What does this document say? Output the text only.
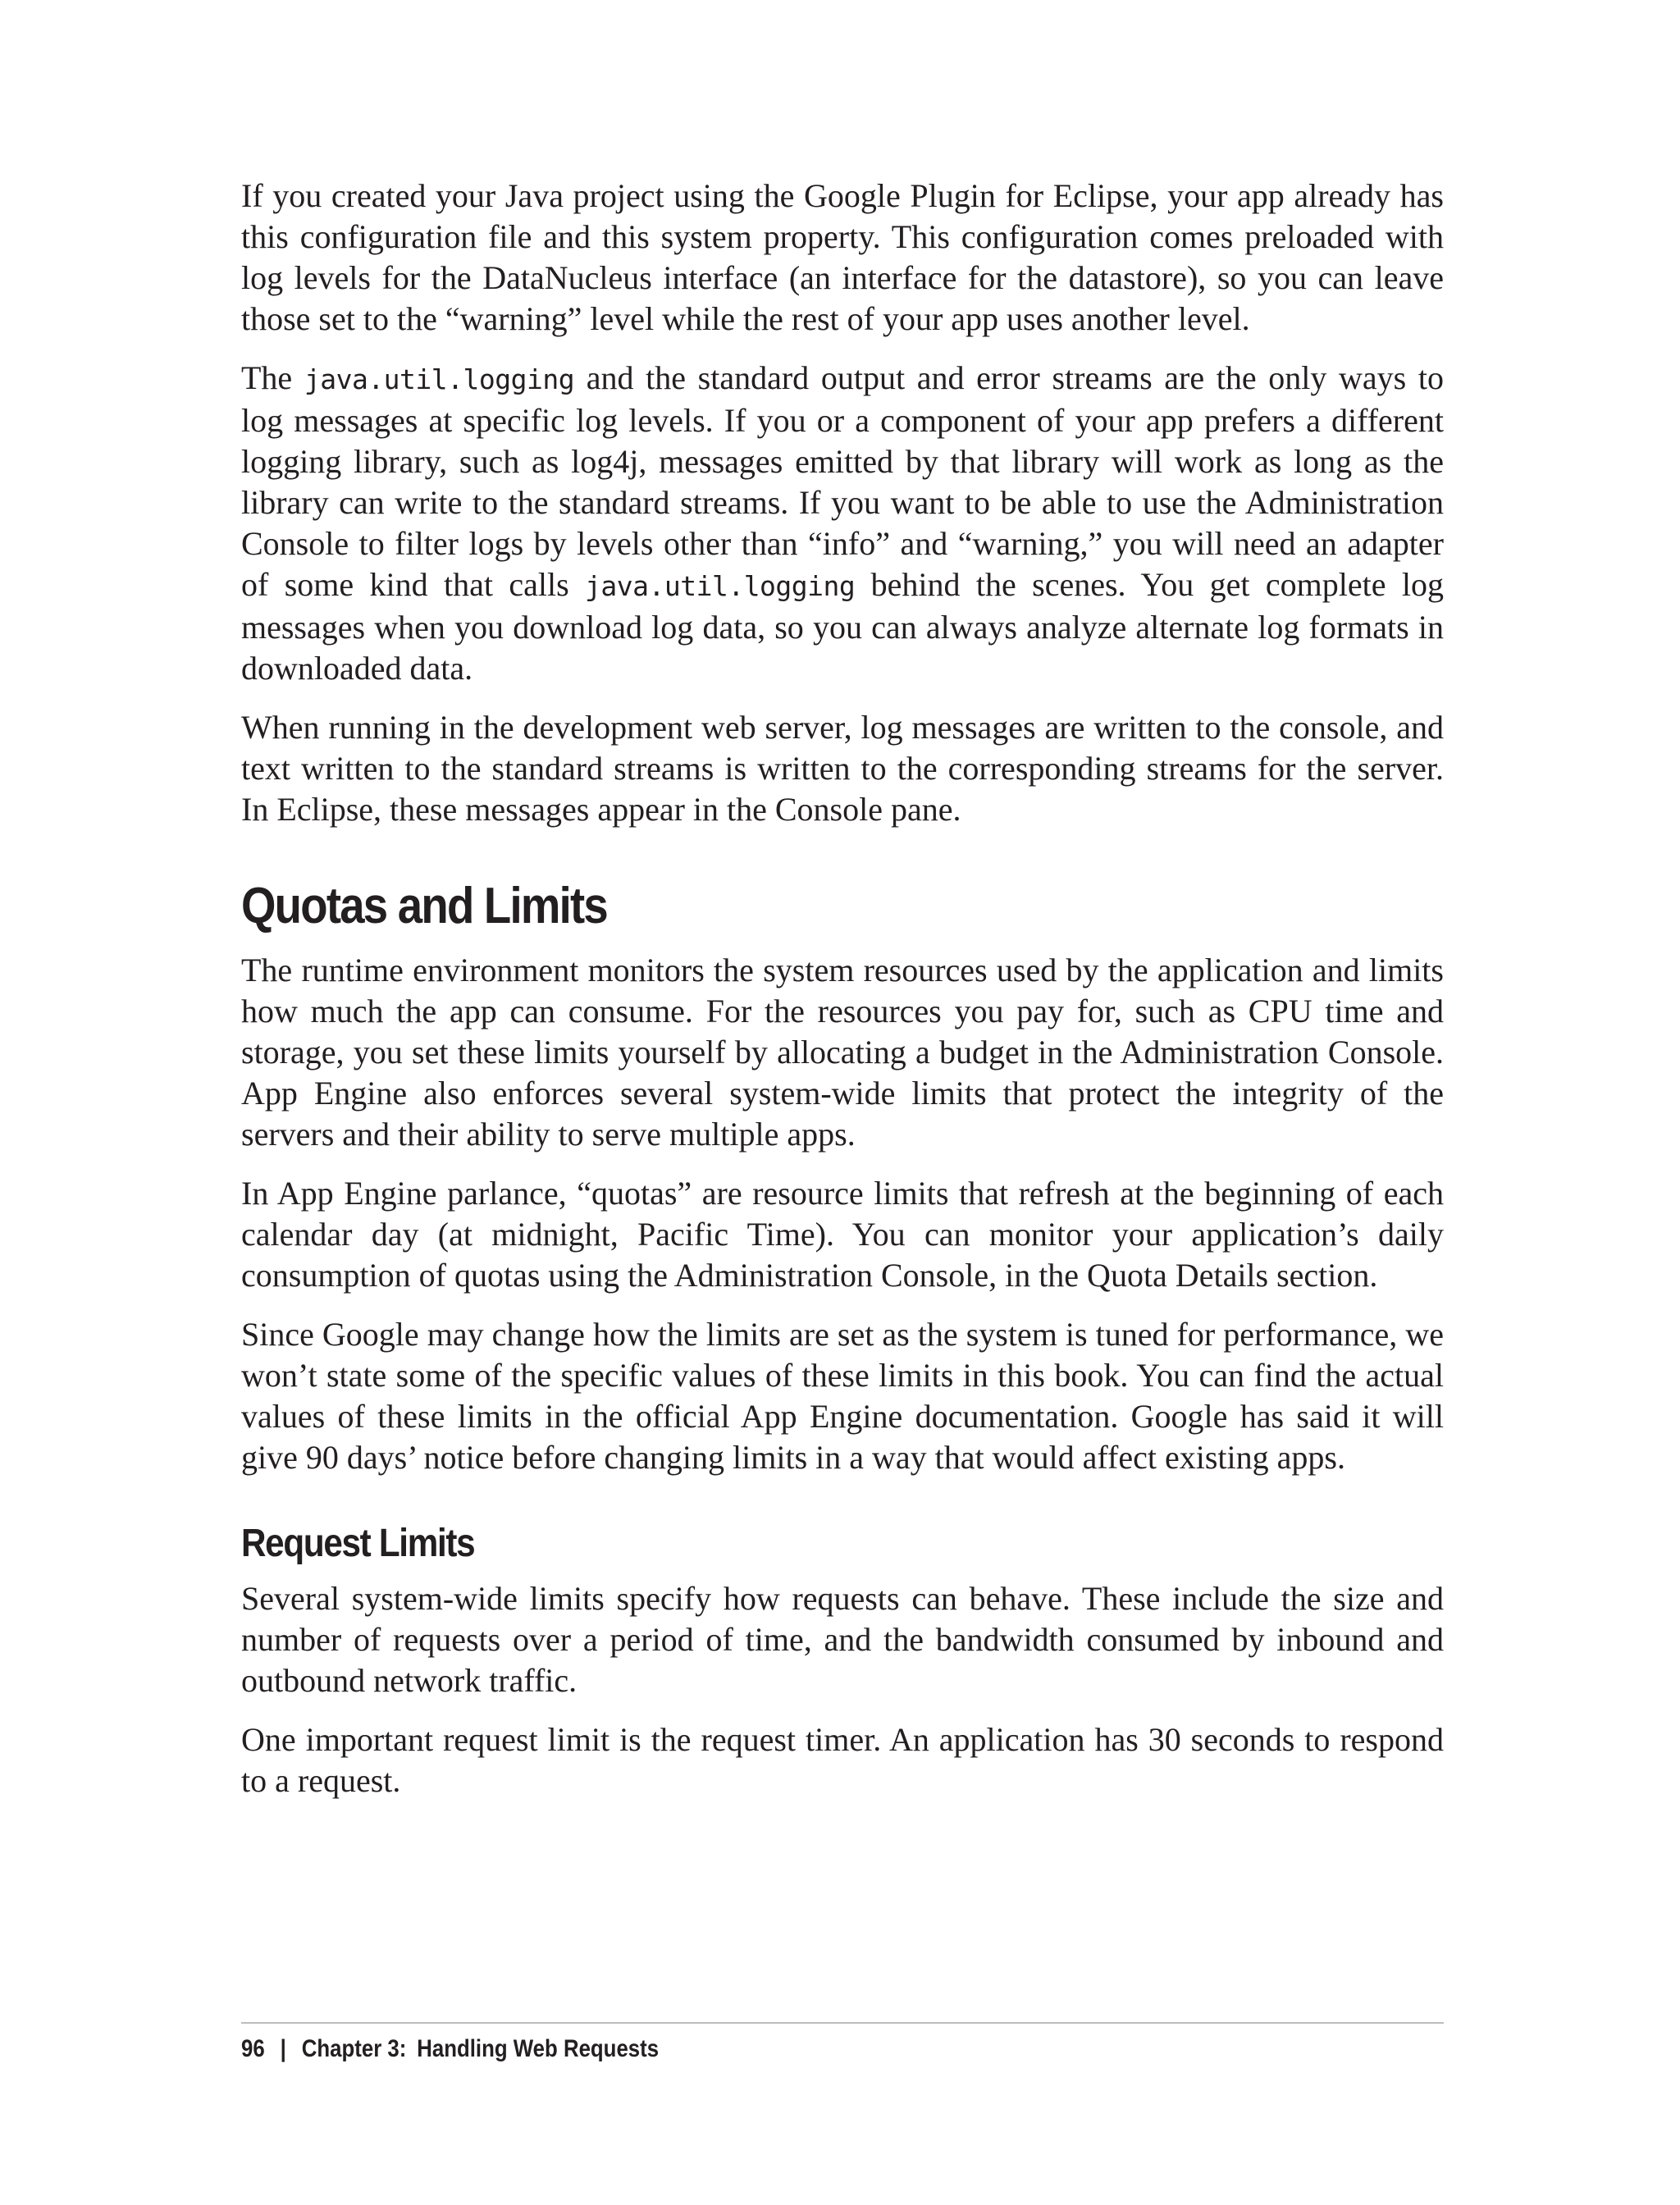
If you created your Java project using the Google Plugin for Eclipse, your app already has this configuration file and this system property. This configuration comes preloaded with log levels for the DataNucleus interface (an interface for the datastore), so you can leave those set to the “warning” level while the rest of your app uses another level.

The java.util.logging and the standard output and error streams are the only ways to log messages at specific log levels. If you or a component of your app prefers a different logging library, such as log4j, messages emitted by that library will work as long as the library can write to the standard streams. If you want to be able to use the Administration Console to filter logs by levels other than “info” and “warning,” you will need an adapter of some kind that calls java.util.logging behind the scenes. You get complete log messages when you download log data, so you can always analyze alternate log formats in downloaded data.

When running in the development web server, log messages are written to the console, and text written to the standard streams is written to the corresponding streams for the server. In Eclipse, these messages appear in the Console pane.

Quotas and Limits

The runtime environment monitors the system resources used by the application and limits how much the app can consume. For the resources you pay for, such as CPU time and storage, you set these limits yourself by allocating a budget in the Administration Console. App Engine also enforces several system-wide limits that protect the integrity of the servers and their ability to serve multiple apps.

In App Engine parlance, “quotas” are resource limits that refresh at the beginning of each calendar day (at midnight, Pacific Time). You can monitor your application’s daily consumption of quotas using the Administration Console, in the Quota Details section.

Since Google may change how the limits are set as the system is tuned for performance, we won’t state some of the specific values of these limits in this book. You can find the actual values of these limits in the official App Engine documentation. Google has said it will give 90 days’ notice before changing limits in a way that would affect existing apps.

Request Limits

Several system-wide limits specify how requests can behave. These include the size and number of requests over a period of time, and the bandwidth consumed by inbound and outbound network traffic.

One important request limit is the request timer. An application has 30 seconds to respond to a request.

96 | Chapter 3: Handling Web Requests
